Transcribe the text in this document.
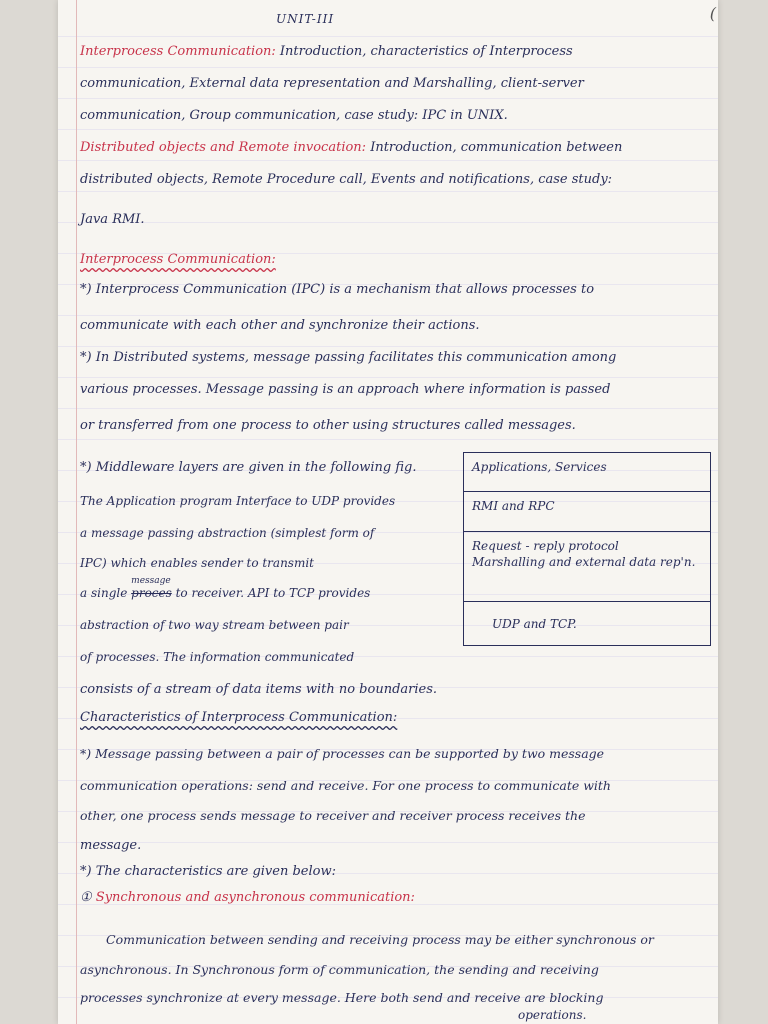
(
UNIT-III
Interprocess Communication: Introduction, characteristics of Interprocess
communication, External data representation and Marshalling, client-server
communication, Group communication, case study: IPC in UNIX.
Distributed objects and Remote invocation: Introduction, communication between
distributed objects, Remote Procedure call, Events and notifications, case study:
Java RMI.
Interprocess Communication:
*) Interprocess Communication (IPC) is a mechanism that allows processes to
communicate with each other and synchronize their actions.
*) In Distributed systems, message passing facilitates this communication among
various processes. Message passing is an approach where information is passed
or transferred from one process to other using structures called messages.
*) Middleware layers are given in the following fig.
The Application program Interface to UDP provides
a message passing abstraction (simplest form of
IPC) which enables sender to transmit
a single
message
proces to receiver. API to TCP provides
abstraction of two way stream between pair
of processes. The information communicated
consists of a stream of data items with no boundaries.
Applications, Services
RMI and RPC
Request - reply protocol
Marshalling and external data rep'n.
UDP and TCP.
Characteristics of Interprocess Communication:
*) Message passing between a pair of processes can be supported by two message
communication operations: send and receive. For one process to communicate with
other, one process sends message to receiver and receiver process receives the
message.
*) The characteristics are given below:
① Synchronous and asynchronous communication:
Communication between sending and receiving process may be either synchronous or
asynchronous. In Synchronous form of communication, the sending and receiving
processes synchronize at every message. Here both send and receive are blocking
operations.
